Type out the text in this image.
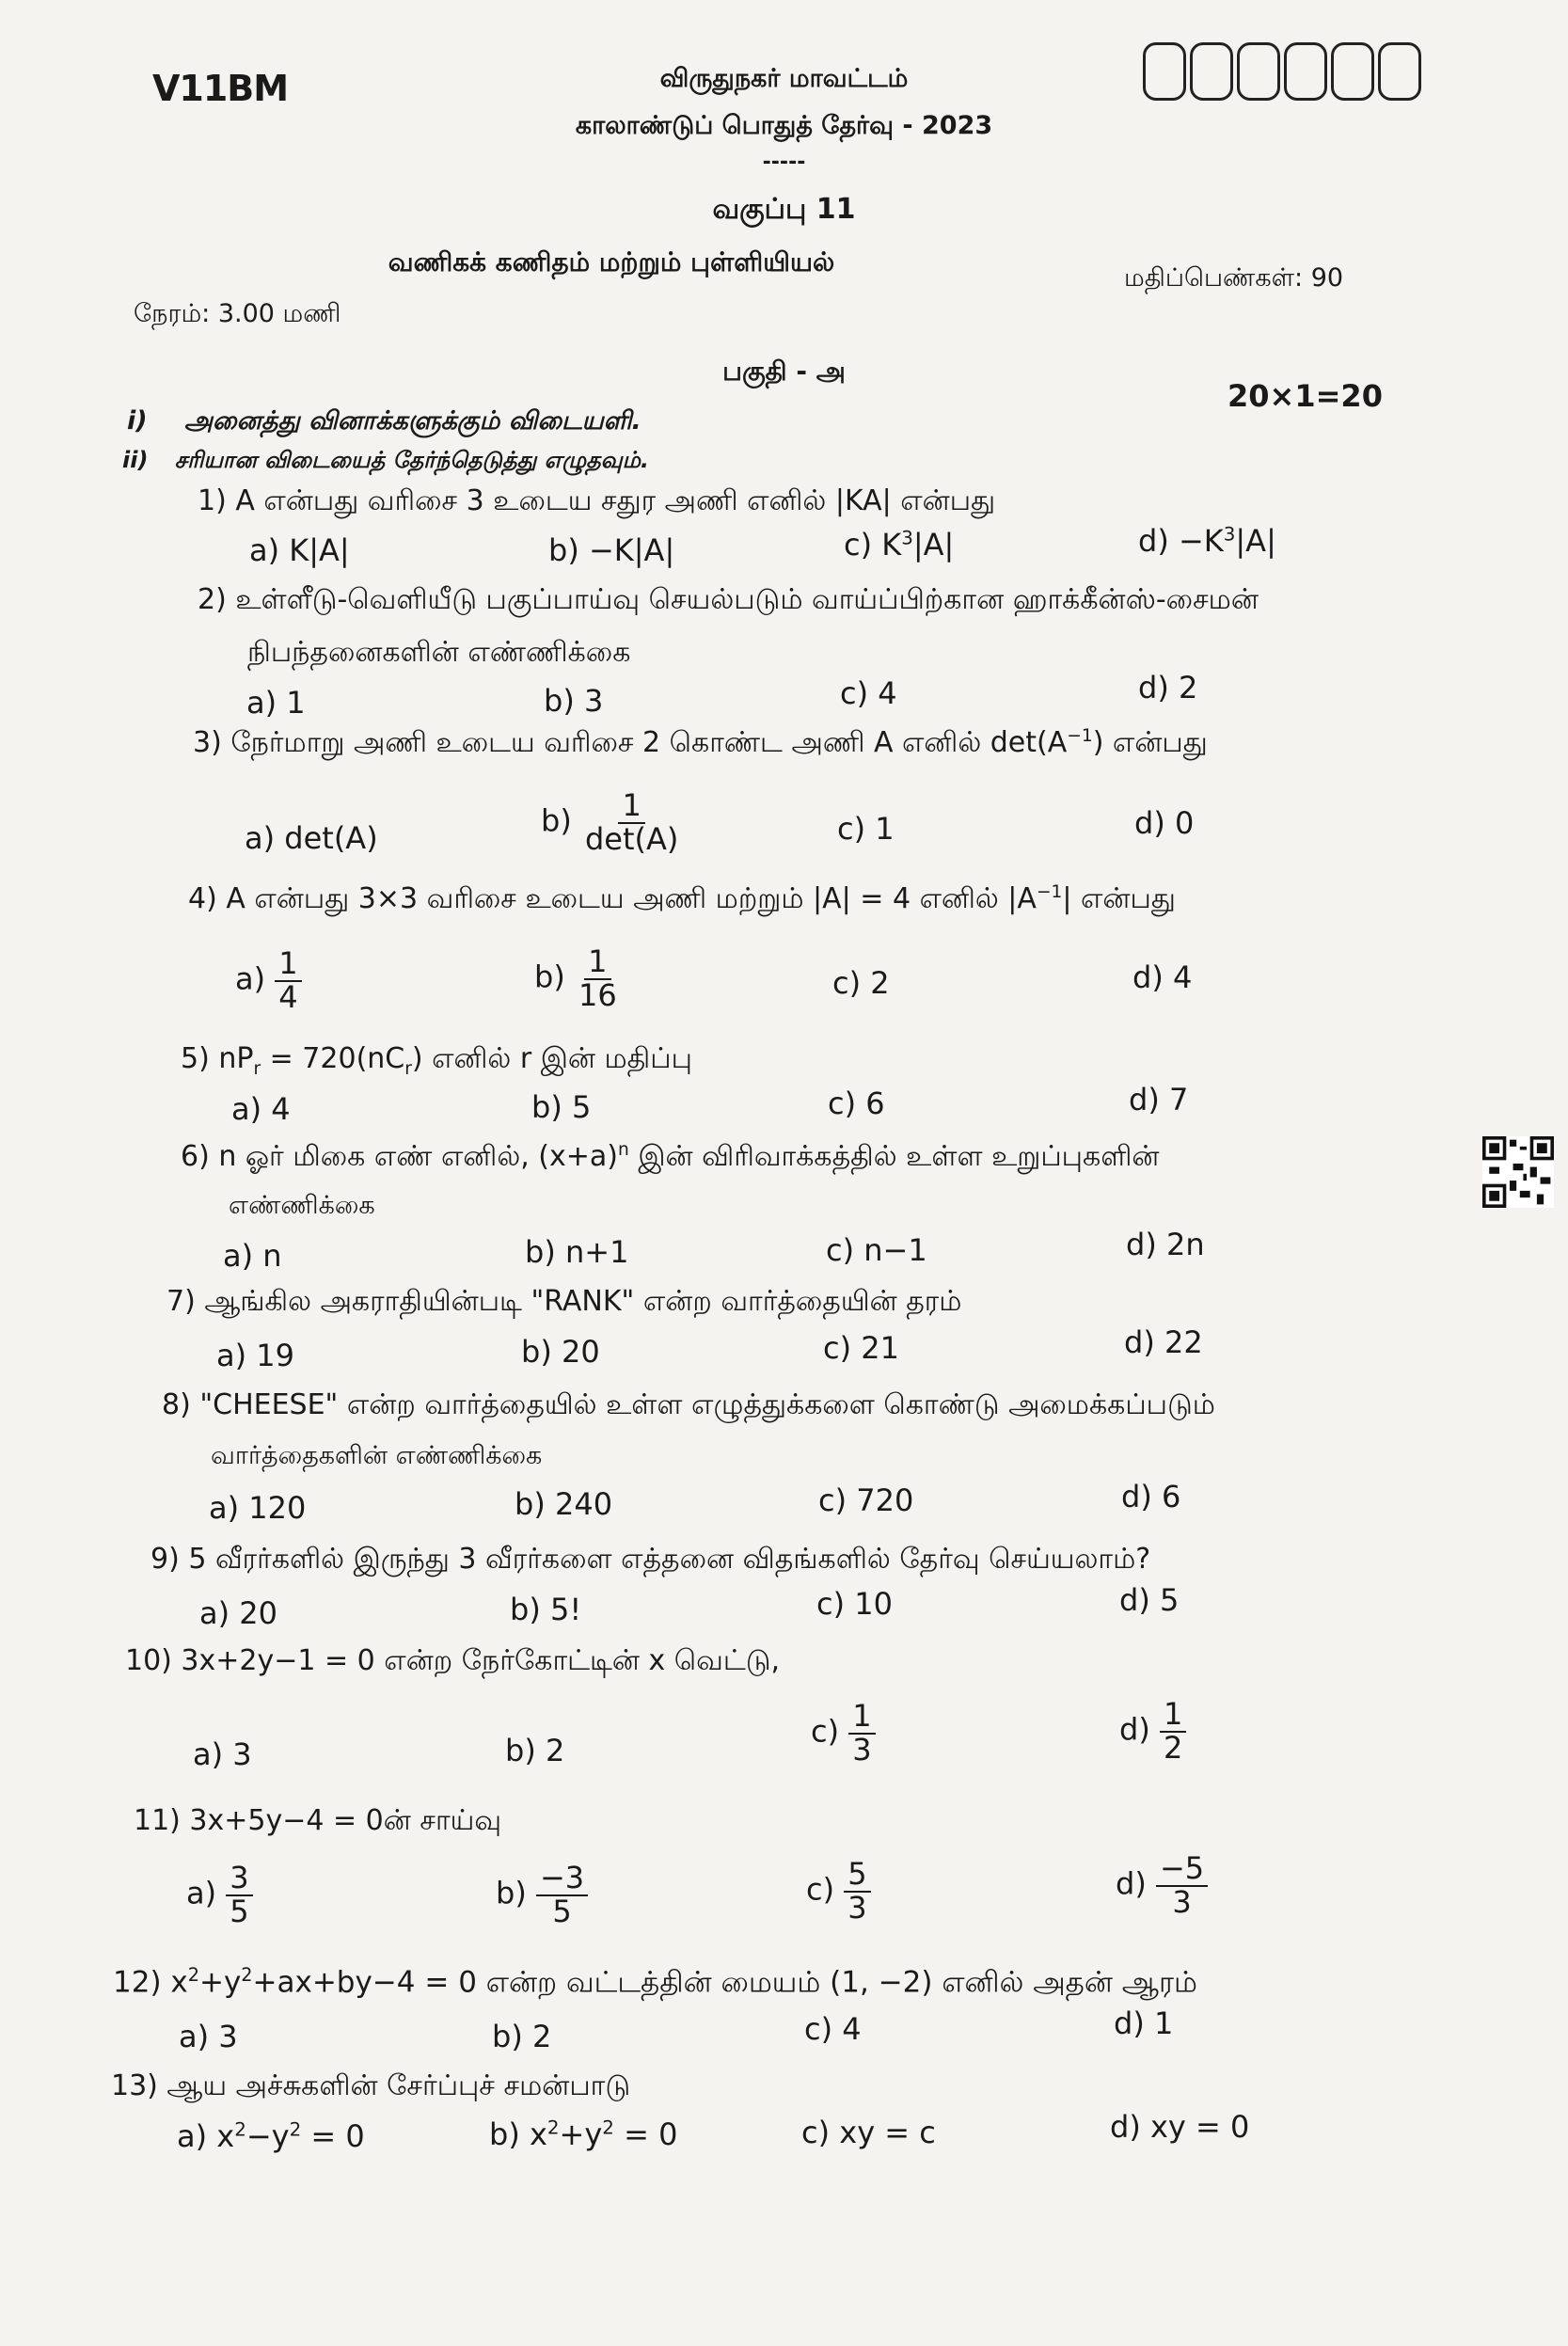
V11BM	விருதுநகர் மாவட்டம்
காலாண்டுப் பொதுத் தேர்வு - 2023
-----
வகுப்பு 11
வணிகக் கணிதம் மற்றும் புள்ளியியல்
மதிப்பெண்கள்: 90
நேரம்: 3.00 மணி
பகுதி - அ
20×1=20
i) அனைத்து வினாக்களுக்கும் விடையளி.
ii) சரியான விடையைத் தேர்ந்தெடுத்து எழுதவும்.
1) A என்பது வரிசை 3 உடைய சதுர அணி எனில் |KA| என்பது
a) K|A|	b) −K|A|	c) $K^3|A|$	$d) -K^3|A|$
2) உள்ளீடு-வெளியீடு பகுப்பாய்வு செயல்படும் வாய்ப்பிற்கான ஹாக்கீன்ஸ்-சைமன்
நிபந்தனைகளின் எண்ணிக்கை
a) 1	b) 3	c) 4	d) 2
3) நேர்மாறு அணி உடைய வரிசை 2 கொண்ட அணி A எனில் $\det(A^{-1})$ என்பது
a) det(A)	$b) \frac{1}{\det(A)}$	c) 1	d) 0
4) A என்பது 3×3 வரிசை உடைய அணி மற்றும் |A| = 4 எனில் $|A^{-1}|$ என்பது
$a) \frac{1}{4}$	$b) \frac{1}{16}$	c) 2	d) 4
5) $nP_r = 720(nC_r)$ எனில் r இன் மதிப்பு
a) 4	b) 5	c) 6	d) 7
6) n ஓர் மிகை எண் எனில், $(x+a)^n$ இன் விரிவாக்கத்தில் உள்ள உறுப்புகளின்
எண்ணிக்கை
a) n	b) n+1	c) n−1	d) 2n
7) ஆங்கில அகராதியின்படி "RANK" என்ற வார்த்தையின் தரம்
a) 19	b) 20	c) 21	d) 22
8) "CHEESE" என்ற வார்த்தையில் உள்ள எழுத்துக்களை கொண்டு அமைக்கப்படும்
வார்த்தைகளின் எண்ணிக்கை
a) 120	b) 240	c) 720	d) 6
9) 5 வீரர்களில் இருந்து 3 வீரர்களை எத்தனை விதங்களில் தேர்வு செய்யலாம்?
a) 20	b) 5!	c) 10	d) 5
10) 3x+2y−1 = 0 என்ற நேர்கோட்டின் x வெட்டு,
a) 3	b) 2
$c) \frac{1}{3}$	$d) \frac{1}{2}$
11) 3x+5y−4 = 0ன் சாய்வு
$a) \frac{3}{5}$	$b) \frac{-3}{5}$	$c) \frac{5}{3}$	$d) \frac{-5}{3}$
12) $x^2+y^2+ax+by-4 = 0$ என்ற வட்டத்தின் மையம் (1, −2) எனில் அதன் ஆரம்
a) 3	b) 2	c) 4	d) 1
13) ஆய அச்சுகளின் சேர்ப்புச் சமன்பாடு
a) $x^2-y^2 = 0$	b) $x^2+y^2 = 0$	c) xy = c	d) xy = 0
